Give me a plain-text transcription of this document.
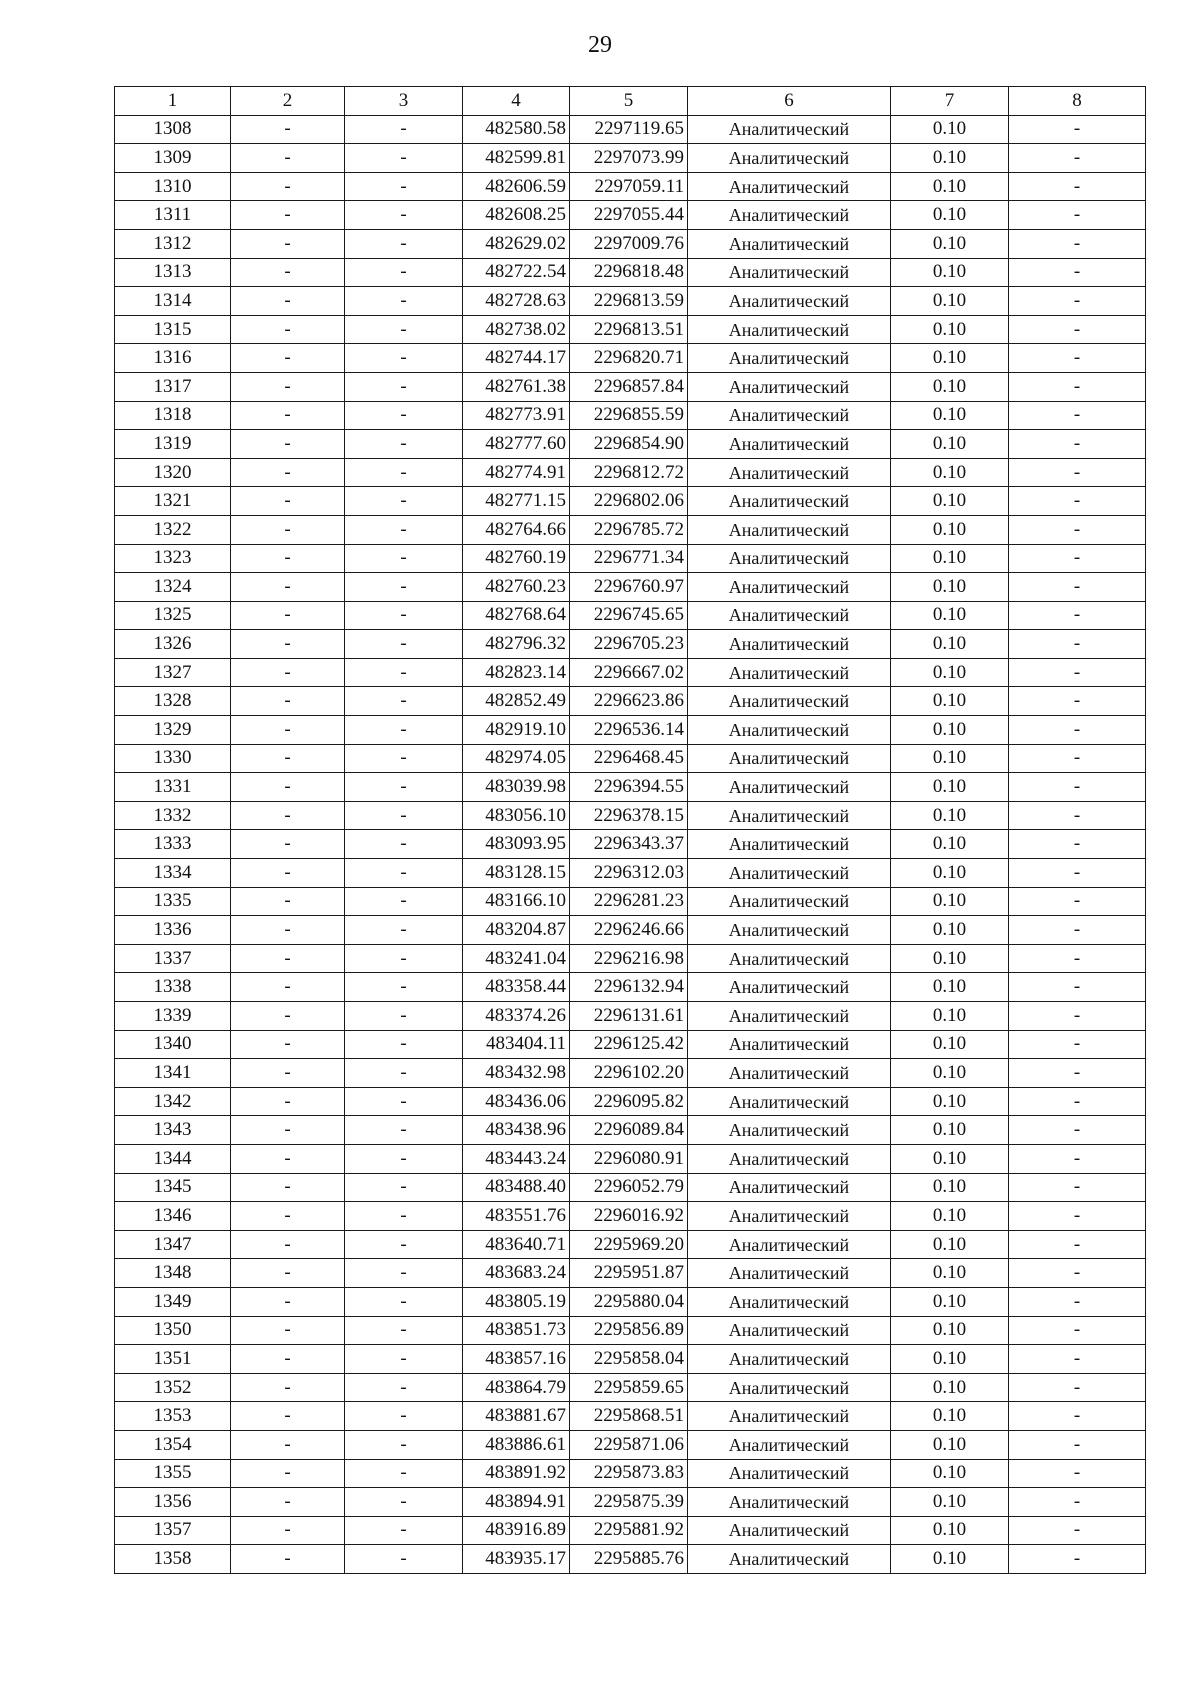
29
1	2	3	4	5	6	7	8
1308	-	-	482580.58	2297119.65	Аналитический	0.10	-
1309	-	-	482599.81	2297073.99	Аналитический	0.10	-
1310	-	-	482606.59	2297059.11	Аналитический	0.10	-
1311	-	-	482608.25	2297055.44	Аналитический	0.10	-
1312	-	-	482629.02	2297009.76	Аналитический	0.10	-
1313	-	-	482722.54	2296818.48	Аналитический	0.10	-
1314	-	-	482728.63	2296813.59	Аналитический	0.10	-
1315	-	-	482738.02	2296813.51	Аналитический	0.10	-
1316	-	-	482744.17	2296820.71	Аналитический	0.10	-
1317	-	-	482761.38	2296857.84	Аналитический	0.10	-
1318	-	-	482773.91	2296855.59	Аналитический	0.10	-
1319	-	-	482777.60	2296854.90	Аналитический	0.10	-
1320	-	-	482774.91	2296812.72	Аналитический	0.10	-
1321	-	-	482771.15	2296802.06	Аналитический	0.10	-
1322	-	-	482764.66	2296785.72	Аналитический	0.10	-
1323	-	-	482760.19	2296771.34	Аналитический	0.10	-
1324	-	-	482760.23	2296760.97	Аналитический	0.10	-
1325	-	-	482768.64	2296745.65	Аналитический	0.10	-
1326	-	-	482796.32	2296705.23	Аналитический	0.10	-
1327	-	-	482823.14	2296667.02	Аналитический	0.10	-
1328	-	-	482852.49	2296623.86	Аналитический	0.10	-
1329	-	-	482919.10	2296536.14	Аналитический	0.10	-
1330	-	-	482974.05	2296468.45	Аналитический	0.10	-
1331	-	-	483039.98	2296394.55	Аналитический	0.10	-
1332	-	-	483056.10	2296378.15	Аналитический	0.10	-
1333	-	-	483093.95	2296343.37	Аналитический	0.10	-
1334	-	-	483128.15	2296312.03	Аналитический	0.10	-
1335	-	-	483166.10	2296281.23	Аналитический	0.10	-
1336	-	-	483204.87	2296246.66	Аналитический	0.10	-
1337	-	-	483241.04	2296216.98	Аналитический	0.10	-
1338	-	-	483358.44	2296132.94	Аналитический	0.10	-
1339	-	-	483374.26	2296131.61	Аналитический	0.10	-
1340	-	-	483404.11	2296125.42	Аналитический	0.10	-
1341	-	-	483432.98	2296102.20	Аналитический	0.10	-
1342	-	-	483436.06	2296095.82	Аналитический	0.10	-
1343	-	-	483438.96	2296089.84	Аналитический	0.10	-
1344	-	-	483443.24	2296080.91	Аналитический	0.10	-
1345	-	-	483488.40	2296052.79	Аналитический	0.10	-
1346	-	-	483551.76	2296016.92	Аналитический	0.10	-
1347	-	-	483640.71	2295969.20	Аналитический	0.10	-
1348	-	-	483683.24	2295951.87	Аналитический	0.10	-
1349	-	-	483805.19	2295880.04	Аналитический	0.10	-
1350	-	-	483851.73	2295856.89	Аналитический	0.10	-
1351	-	-	483857.16	2295858.04	Аналитический	0.10	-
1352	-	-	483864.79	2295859.65	Аналитический	0.10	-
1353	-	-	483881.67	2295868.51	Аналитический	0.10	-
1354	-	-	483886.61	2295871.06	Аналитический	0.10	-
1355	-	-	483891.92	2295873.83	Аналитический	0.10	-
1356	-	-	483894.91	2295875.39	Аналитический	0.10	-
1357	-	-	483916.89	2295881.92	Аналитический	0.10	-
1358	-	-	483935.17	2295885.76	Аналитический	0.10	-
